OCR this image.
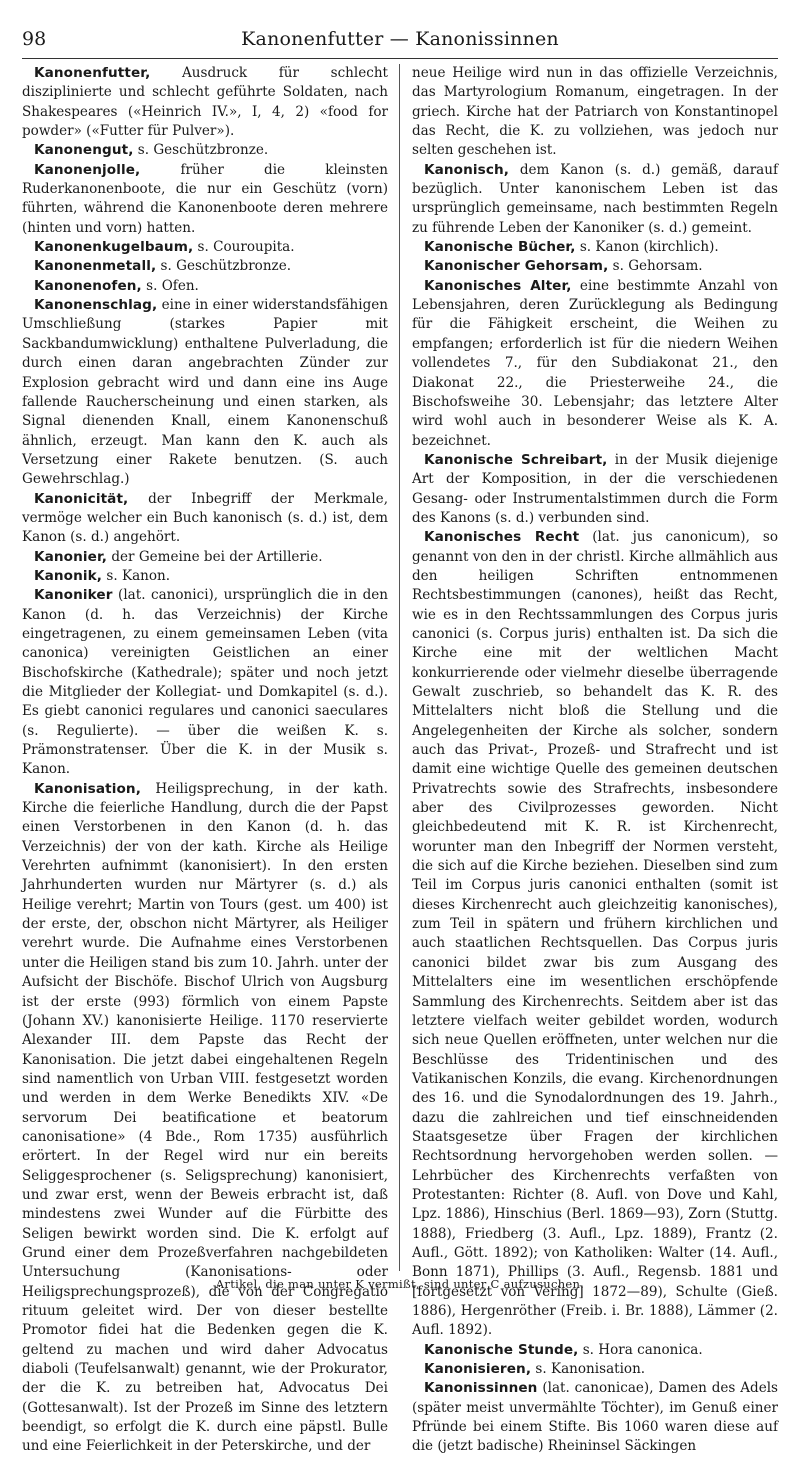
98	Kanonenfutter — Kanonissinnen

Kanonenfutter, Ausdruck für schlecht disziplinierte und schlecht geführte Soldaten, nach Shakespeares («Heinrich IV.», I, 4, 2) «food for powder» («Futter für Pulver»).

Kanonengut, s. Geschützbronze.

Kanonenjolle, früher die kleinsten Ruderkanonenboote, die nur ein Geschütz (vorn) führten, während die Kanonenboote deren mehrere (hinten und vorn) hatten.

Kanonenkugelbaum, s. Couroupita.

Kanonenmetall, s. Geschützbronze.

Kanonenofen, s. Ofen.

Kanonenschlag, eine in einer widerstandsfähigen Umschließung (starkes Papier mit Sackbandumwicklung) enthaltene Pulverladung, die durch einen daran angebrachten Zünder zur Explosion gebracht wird und dann eine ins Auge fallende Raucherscheinung und einen starken, als Signal dienenden Knall, einem Kanonenschuß ähnlich, erzeugt. Man kann den K. auch als Versetzung einer Rakete benutzen. (S. auch Gewehrschlag.)

Kanonicität, der Inbegriff der Merkmale, vermöge welcher ein Buch kanonisch (s. d.) ist, dem Kanon (s. d.) angehört.

Kanonier, der Gemeine bei der Artillerie.

Kanonik, s. Kanon.

Kanoniker (lat. canonici), ursprünglich die in den Kanon (d. h. das Verzeichnis) der Kirche eingetragenen, zu einem gemeinsamen Leben (vita canonica) vereinigten Geistlichen an einer Bischofskirche (Kathedrale); später und noch jetzt die Mitglieder der Kollegiat- und Domkapitel (s. d.). Es giebt canonici regulares und canonici saeculares (s. Regulierte). — über die weißen K. s. Prämonstratenser. Über die K. in der Musik s. Kanon.

Kanonisation, Heiligsprechung, in der kath. Kirche die feierliche Handlung, durch die der Papst einen Verstorbenen in den Kanon (d. h. das Verzeichnis) der von der kath. Kirche als Heilige Verehrten aufnimmt (kanonisiert). In den ersten Jahrhunderten wurden nur Märtyrer (s. d.) als Heilige verehrt; Martin von Tours (gest. um 400) ist der erste, der, obschon nicht Märtyrer, als Heiliger verehrt wurde. Die Aufnahme eines Verstorbenen unter die Heiligen stand bis zum 10. Jahrh. unter der Aufsicht der Bischöfe. Bischof Ulrich von Augsburg ist der erste (993) förmlich von einem Papste (Johann XV.) kanonisierte Heilige. 1170 reservierte Alexander III. dem Papste das Recht der Kanonisation. Die jetzt dabei eingehaltenen Regeln sind namentlich von Urban VIII. festgesetzt worden und werden in dem Werke Benedikts XIV. «De servorum Dei beatificatione et beatorum canonisatione» (4 Bde., Rom 1735) ausführlich erörtert. In der Regel wird nur ein bereits Seliggesprochener (s. Seligsprechung) kanonisiert, und zwar erst, wenn der Beweis erbracht ist, daß mindestens zwei Wunder auf die Fürbitte des Seligen bewirkt worden sind. Die K. erfolgt auf Grund einer dem Prozeßverfahren nachgebildeten Untersuchung (Kanonisations- oder Heiligsprechungsprozeß), die von der Congregatio rituum geleitet wird. Der von dieser bestellte Promotor fidei hat die Bedenken gegen die K. geltend zu machen und wird daher Advocatus diaboli (Teufelsanwalt) genannt, wie der Prokurator, der die K. zu betreiben hat, Advocatus Dei (Gottesanwalt). Ist der Prozeß im Sinne des letztern beendigt, so erfolgt die K. durch eine päpstl. Bulle und eine Feierlichkeit in der Peterskirche, und der

neue Heilige wird nun in das offizielle Verzeichnis, das Martyrologium Romanum, eingetragen. In der griech. Kirche hat der Patriarch von Konstantinopel das Recht, die K. zu vollziehen, was jedoch nur selten geschehen ist.

Kanonisch, dem Kanon (s. d.) gemäß, darauf bezüglich. Unter kanonischem Leben ist das ursprünglich gemeinsame, nach bestimmten Regeln zu führende Leben der Kanoniker (s. d.) gemeint.

Kanonische Bücher, s. Kanon (kirchlich).

Kanonischer Gehorsam, s. Gehorsam.

Kanonisches Alter, eine bestimmte Anzahl von Lebensjahren, deren Zurücklegung als Bedingung für die Fähigkeit erscheint, die Weihen zu empfangen; erforderlich ist für die niedern Weihen vollendetes 7., für den Subdiakonat 21., den Diakonat 22., die Priesterweihe 24., die Bischofsweihe 30. Lebensjahr; das letztere Alter wird wohl auch in besonderer Weise als K. A. bezeichnet.

Kanonische Schreibart, in der Musik diejenige Art der Komposition, in der die verschiedenen Gesang- oder Instrumentalstimmen durch die Form des Kanons (s. d.) verbunden sind.

Kanonisches Recht (lat. jus canonicum), so genannt von den in der christl. Kirche allmählich aus den heiligen Schriften entnommenen Rechtsbestimmungen (canones), heißt das Recht, wie es in den Rechtssammlungen des Corpus juris canonici (s. Corpus juris) enthalten ist. Da sich die Kirche eine mit der weltlichen Macht konkurrierende oder vielmehr dieselbe überragende Gewalt zuschrieb, so behandelt das K. R. des Mittelalters nicht bloß die Stellung und die Angelegenheiten der Kirche als solcher, sondern auch das Privat-, Prozeß- und Strafrecht und ist damit eine wichtige Quelle des gemeinen deutschen Privatrechts sowie des Strafrechts, insbesondere aber des Civilprozesses geworden. Nicht gleichbedeutend mit K. R. ist Kirchenrecht, worunter man den Inbegriff der Normen versteht, die sich auf die Kirche beziehen. Dieselben sind zum Teil im Corpus juris canonici enthalten (somit ist dieses Kirchenrecht auch gleichzeitig kanonisches), zum Teil in spätern und frühern kirchlichen und auch staatlichen Rechtsquellen. Das Corpus juris canonici bildet zwar bis zum Ausgang des Mittelalters eine im wesentlichen erschöpfende Sammlung des Kirchenrechts. Seitdem aber ist das letztere vielfach weiter gebildet worden, wodurch sich neue Quellen eröffneten, unter welchen nur die Beschlüsse des Tridentinischen und des Vatikanischen Konzils, die evang. Kirchenordnungen des 16. und die Synodalordnungen des 19. Jahrh., dazu die zahlreichen und tief einschneidenden Staatsgesetze über Fragen der kirchlichen Rechtsordnung hervorgehoben werden sollen. — Lehrbücher des Kirchenrechts verfaßten von Protestanten: Richter (8. Aufl. von Dove und Kahl, Lpz. 1886), Hinschius (Berl. 1869—93), Zorn (Stuttg. 1888), Friedberg (3. Aufl., Lpz. 1889), Frantz (2. Aufl., Gött. 1892); von Katholiken: Walter (14. Aufl., Bonn 1871), Phillips (3. Aufl., Regensb. 1881 und [fortgesetzt von Vering] 1872—89), Schulte (Gieß. 1886), Hergenröther (Freib. i. Br. 1888), Lämmer (2. Aufl. 1892).

Kanonische Stunde, s. Hora canonica.

Kanonisieren, s. Kanonisation.

Kanonissinnen (lat. canonicae), Damen des Adels (später meist unvermählte Töchter), im Genuß einer Pfründe bei einem Stifte. Bis 1060 waren diese auf die (jetzt badische) Rheininsel Säckingen

Artikel, die man unter K vermißt, sind unter C aufzusuchen.
